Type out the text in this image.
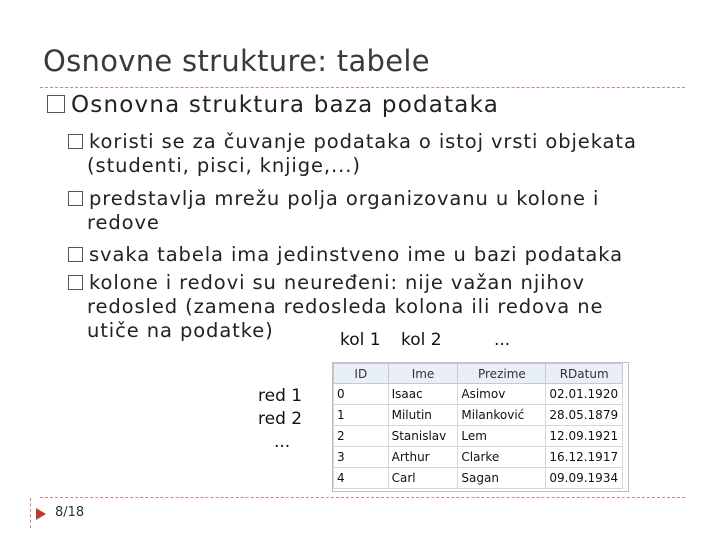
Osnovne strukture: tabele
Osnovna struktura baza podataka
koristi se za čuvanje podataka o istoj vrsti objekata
(studenti, pisci, knjige,...)
predstavlja mrežu polja organizovanu u kolone i
redove
svaka tabela ima jedinstveno ime u bazi podataka
kolone i redovi su neuređeni: nije važan njihov
redosled (zamena redosleda kolona ili redova ne
utiče na podatke)	kol 1 kol 2	...
red 1
red 2
...
ID	Ime	Prezime	RDatum
0	Isaac	Asimov	02.01.1920
1	Milutin	Milanković	28.05.1879
2	Stanislav	Lem	12.09.1921
3	Arthur	Clarke	16.12.1917
4	Carl	Sagan	09.09.1934
8/18
